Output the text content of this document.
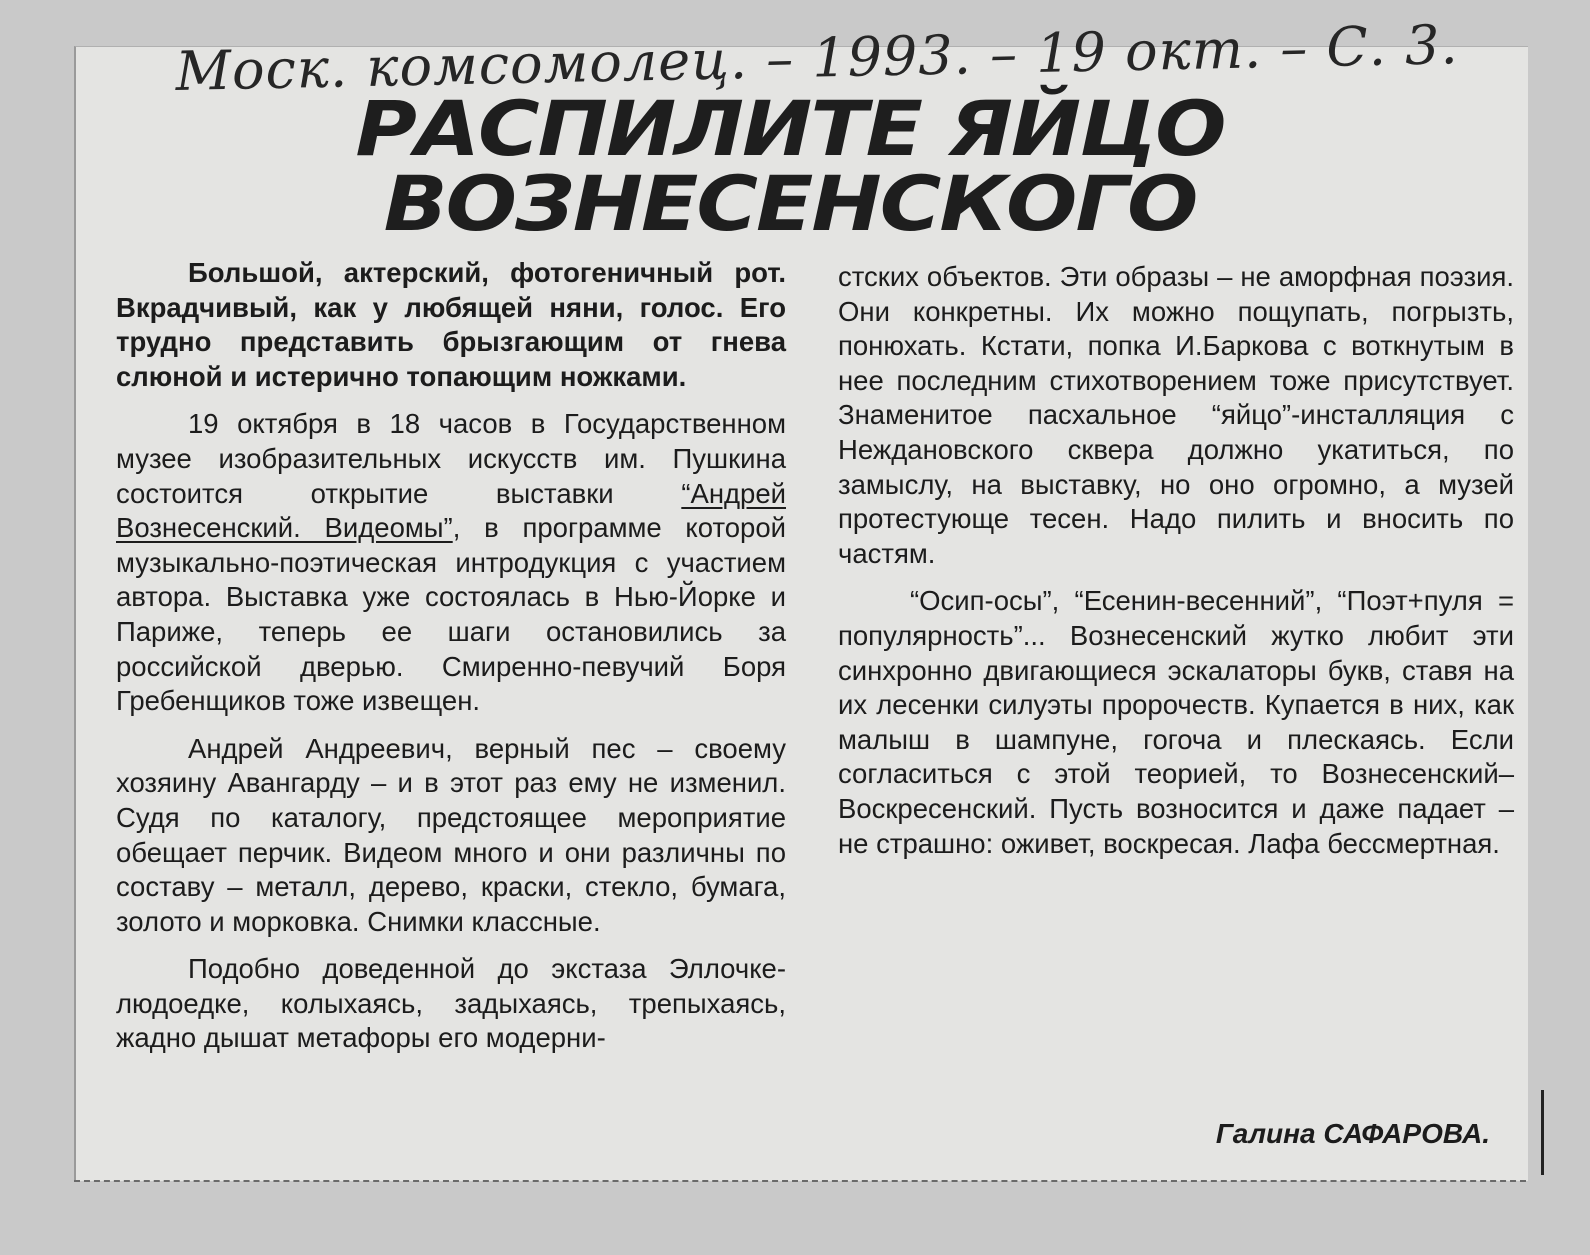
Моск. комсомолец. – 1993. – 19 окт. – С. 3.
РАСПИЛИТЕ ЯЙЦО
ВОЗНЕСЕНСКОГО

Большой, актерский, фотогеничный рот. Вкрадчивый, как у любящей няни, голос. Его трудно представить брызгающим от гнева слюной и истерично топающим ножками.

19 октября в 18 часов в Государственном музее изобразительных искусств им. Пушкина состоится открытие выставки “Андрей Вознесенский. Видеомы”, в программе которой музыкально-поэтическая интродукция с участием автора. Выставка уже состоялась в Нью-Йорке и Париже, теперь ее шаги остановились за российской дверью. Смиренно-певучий Боря Гребенщиков тоже извещен.

Андрей Андреевич, верный пес – своему хозяину Авангарду – и в этот раз ему не изменил. Судя по каталогу, предстоящее мероприятие обещает перчик. Видеом много и они различны по составу – металл, дерево, краски, стекло, бумага, золото и морковка. Снимки классные.

Подобно доведенной до экстаза Эллочке-людоедке, колыхаясь, задыхаясь, трепыхаясь, жадно дышат метафоры его модерни-

стских объектов. Эти образы – не аморфная поэзия. Они конкретны. Их можно пощупать, погрызть, понюхать. Кстати, попка И.Баркова с воткнутым в нее последним стихотворением тоже присутствует. Знаменитое пасхальное “яйцо”-инсталляция с Неждановского сквера должно укатиться, по замыслу, на выставку, но оно огромно, а музей протестующе тесен. Надо пилить и вносить по частям.

“Осип-осы”, “Есенин-весенний”, “Поэт+пуля = популярность”... Вознесенский жутко любит эти синхронно двигающиеся эскалаторы букв, ставя на их лесенки силуэты пророчеств. Купается в них, как малыш в шампуне, гогоча и плескаясь. Если согласиться с этой теорией, то Вознесенский–Воскресенский. Пусть возносится и даже падает – не страшно: оживет, воскресая. Лафа бессмертная.

Галина САФАРОВА.
